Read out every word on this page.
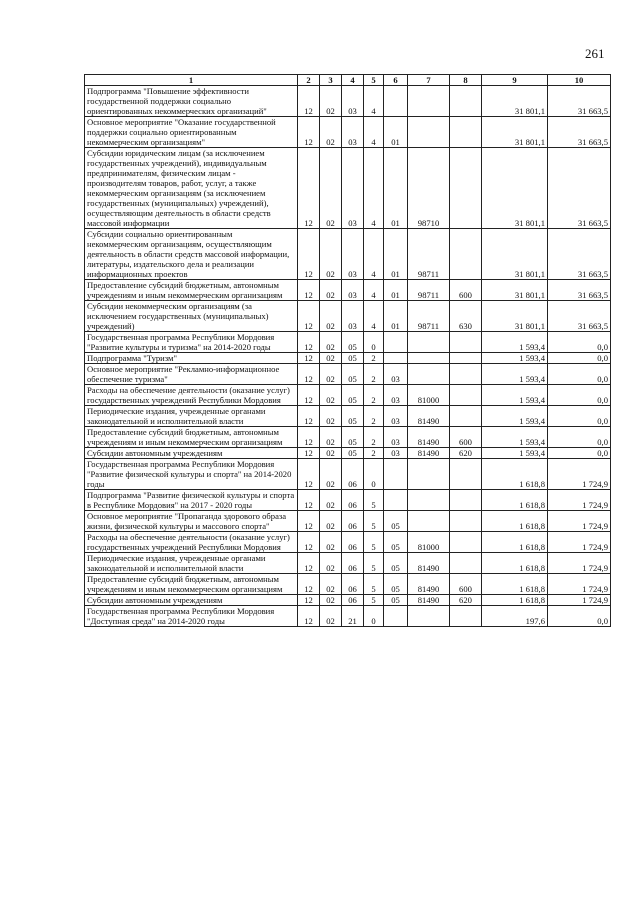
261
1	2	3	4	5	6	7	8	9	10
Подпрограмма "Повышение эффективности государственной поддержки социально ориентированных некоммерческих организаций"	12	02	03	4				31 801,1	31 663,5
Основное мероприятие "Оказание государственной поддержки социально ориентированным некоммерческим организациям"	12	02	03	4	01			31 801,1	31 663,5
Субсидии юридическим лицам (за исключением государственных учреждений), индивидуальным предпринимателям, физическим лицам - производителям товаров, работ, услуг, а также некоммерческим организациям (за исключением государственных (муниципальных) учреждений), осуществляющим деятельность в области средств массовой информации	12	02	03	4	01	98710		31 801,1	31 663,5
Субсидии социально ориентированным некоммерческим организациям, осуществляющим деятельность в области средств массовой информации, литературы, издательского дела и реализации информационных проектов	12	02	03	4	01	98711		31 801,1	31 663,5
Предоставление субсидий бюджетным, автономным учреждениям и иным некоммерческим организациям	12	02	03	4	01	98711	600	31 801,1	31 663,5
Субсидии некоммерческим организациям (за исключением государственных (муниципальных) учреждений)	12	02	03	4	01	98711	630	31 801,1	31 663,5
Государственная программа Республики Мордовия "Развитие культуры и туризма" на 2014-2020 годы	12	02	05	0				1 593,4	0,0
Подпрограмма "Туризм"	12	02	05	2				1 593,4	0,0
Основное мероприятие "Рекламно-информационное обеспечение туризма"	12	02	05	2	03			1 593,4	0,0
Расходы на обеспечение деятельности (оказание услуг) государственных учреждений Республики Мордовия	12	02	05	2	03	81000		1 593,4	0,0
Периодические издания, учрежденные органами законодательной и исполнительной власти	12	02	05	2	03	81490		1 593,4	0,0
Предоставление субсидий бюджетным, автономным учреждениям и иным некоммерческим организациям	12	02	05	2	03	81490	600	1 593,4	0,0
Субсидии автономным учреждениям	12	02	05	2	03	81490	620	1 593,4	0,0
Государственная программа Республики Мордовия "Развитие физической культуры и спорта" на 2014-2020 годы	12	02	06	0				1 618,8	1 724,9
Подпрограмма "Развитие физической культуры и спорта в Республике Мордовия" на 2017 - 2020 годы	12	02	06	5				1 618,8	1 724,9
Основное мероприятие "Пропаганда здорового образа жизни, физической культуры и массового спорта"	12	02	06	5	05			1 618,8	1 724,9
Расходы на обеспечение деятельности (оказание услуг) государственных учреждений Республики Мордовия	12	02	06	5	05	81000		1 618,8	1 724,9
Периодические издания, учрежденные органами законодательной и исполнительной власти	12	02	06	5	05	81490		1 618,8	1 724,9
Предоставление субсидий бюджетным, автономным учреждениям и иным некоммерческим организациям	12	02	06	5	05	81490	600	1 618,8	1 724,9
Субсидии автономным учреждениям	12	02	06	5	05	81490	620	1 618,8	1 724,9
Государственная программа Республики Мордовия "Доступная среда" на 2014-2020 годы	12	02	21	0				197,6	0,0
